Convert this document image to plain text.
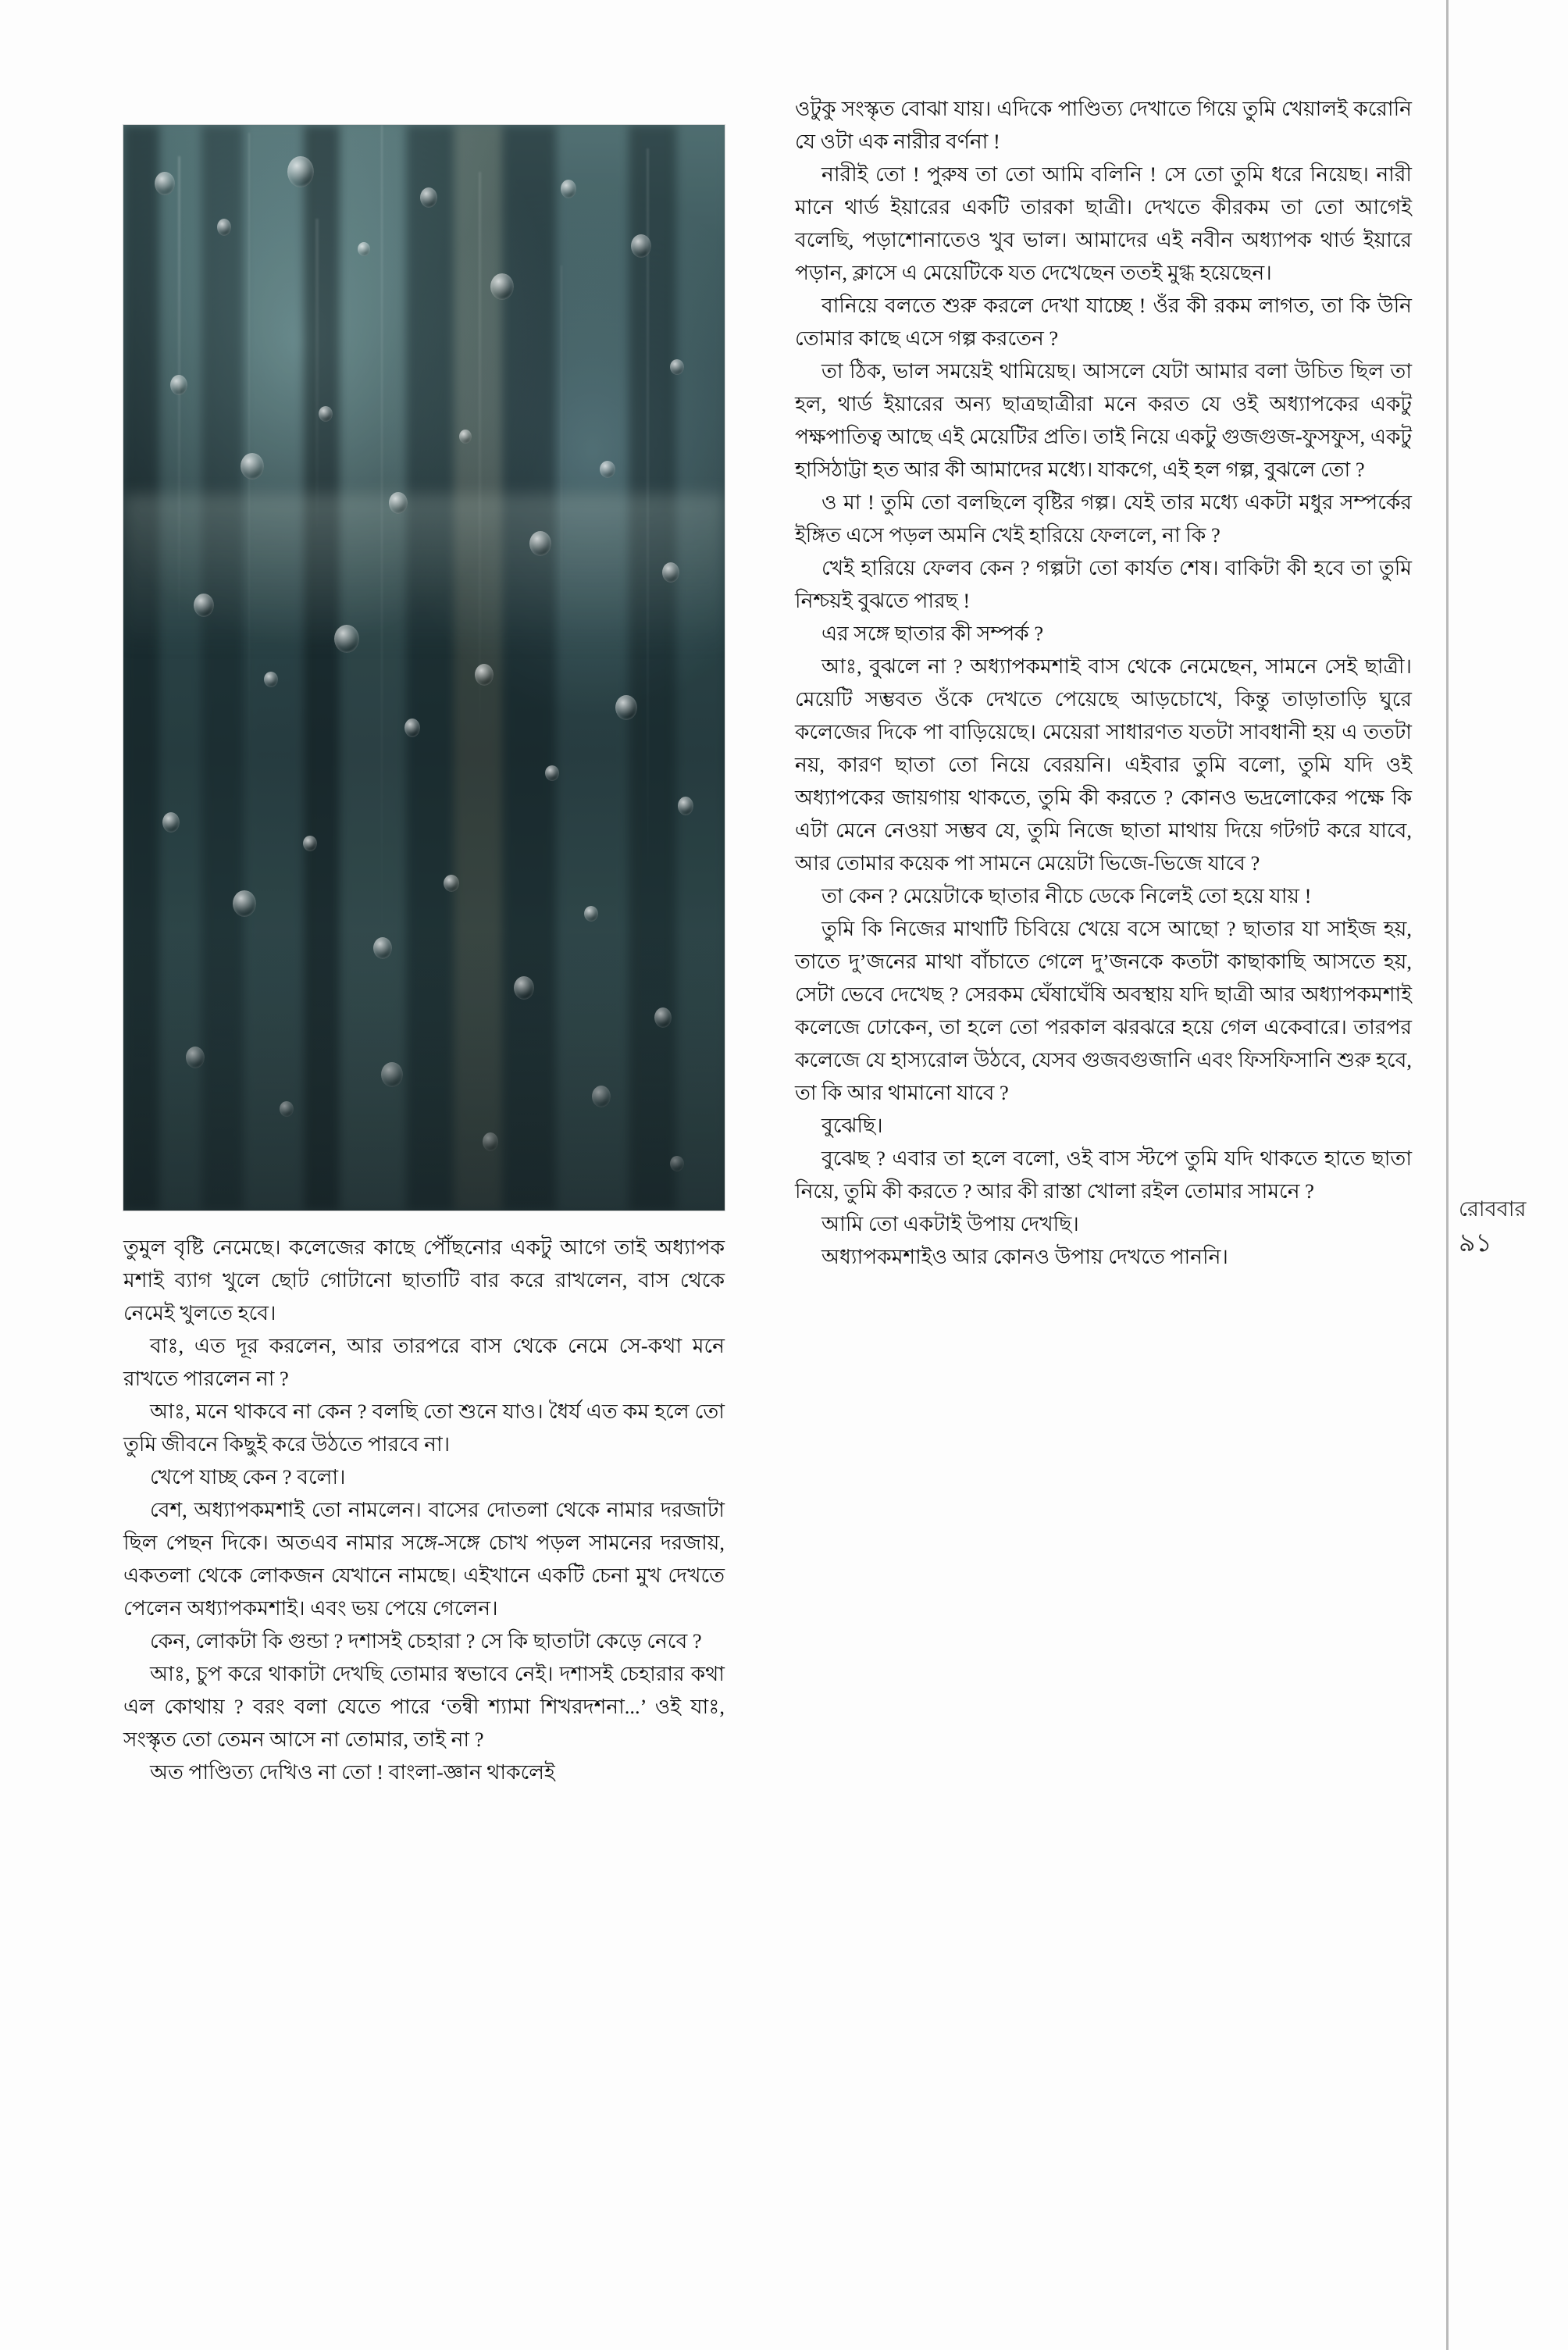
তুমুল বৃষ্টি নেমেছে। কলেজের কাছে পৌঁছনোর একটু আগে তাই অধ্যাপক মশাই ব্যাগ খুলে ছোট গোটানো ছাতাটি বার করে রাখলেন, বাস থেকে নেমেই খুলতে হবে।

বাঃ, এত দূর করলেন, আর তারপরে বাস থেকে নেমে সে-কথা মনে রাখতে পারলেন না ?

আঃ, মনে থাকবে না কেন ? বলছি তো শুনে যাও। ধৈর্য এত কম হলে তো তুমি জীবনে কিছুই করে উঠতে পারবে না।

খেপে যাচ্ছ কেন ? বলো।

বেশ, অধ্যাপকমশাই তো নামলেন। বাসের দোতলা থেকে নামার দরজাটা ছিল পেছন দিকে। অতএব নামার সঙ্গে-সঙ্গে চোখ পড়ল সামনের দরজায়, একতলা থেকে লোকজন যেখানে নামছে। এইখানে একটি চেনা মুখ দেখতে পেলেন অধ্যাপকমশাই। এবং ভয় পেয়ে গেলেন।

কেন, লোকটা কি গুন্ডা ? দশাসই চেহারা ? সে কি ছাতাটা কেড়ে নেবে ?

আঃ, চুপ করে থাকাটা দেখছি তোমার স্বভাবে নেই। দশাসই চেহারার কথা এল কোথায় ? বরং বলা যেতে পারে ‘তন্বী শ্যামা শিখরদশনা...’ ওই যাঃ, সংস্কৃত তো তেমন আসে না তোমার, তাই না ?

অত পাণ্ডিত্য দেখিও না তো ! বাংলা-জ্ঞান থাকলেই

ওটুকু সংস্কৃত বোঝা যায়। এদিকে পাণ্ডিত্য দেখাতে গিয়ে তুমি খেয়ালই করোনি যে ওটা এক নারীর বর্ণনা !

নারীই তো ! পুরুষ তা তো আমি বলিনি ! সে তো তুমি ধরে নিয়েছ। নারী মানে থার্ড ইয়ারের একটি তারকা ছাত্রী। দেখতে কীরকম তা তো আগেই বলেছি, পড়াশোনাতেও খুব ভাল। আমাদের এই নবীন অধ্যাপক থার্ড ইয়ারে পড়ান, ক্লাসে এ মেয়েটিকে যত দেখেছেন ততই মুগ্ধ হয়েছেন।

বানিয়ে বলতে শুরু করলে দেখা যাচ্ছে ! ওঁর কী রকম লাগত, তা কি উনি তোমার কাছে এসে গল্প করতেন ?

তা ঠিক, ভাল সময়েই থামিয়েছ। আসলে যেটা আমার বলা উচিত ছিল তা হল, থার্ড ইয়ারের অন্য ছাত্রছাত্রীরা মনে করত যে ওই অধ্যাপকের একটু পক্ষপাতিত্ব আছে এই মেয়েটির প্রতি। তাই নিয়ে একটু গুজগুজ-ফুসফুস, একটু হাসিঠাট্টা হত আর কী আমাদের মধ্যে। যাকগে, এই হল গল্প, বুঝলে তো ?

ও মা ! তুমি তো বলছিলে বৃষ্টির গল্প। যেই তার মধ্যে একটা মধুর সম্পর্কের ইঙ্গিত এসে পড়ল অমনি খেই হারিয়ে ফেললে, না কি ?

খেই হারিয়ে ফেলব কেন ? গল্পটা তো কার্যত শেষ। বাকিটা কী হবে তা তুমি নিশ্চয়ই বুঝতে পারছ !

এর সঙ্গে ছাতার কী সম্পর্ক ?

আঃ, বুঝলে না ? অধ্যাপকমশাই বাস থেকে নেমেছেন, সামনে সেই ছাত্রী। মেয়েটি সম্ভবত ওঁকে দেখতে পেয়েছে আড়চোখে, কিন্তু তাড়াতাড়ি ঘুরে কলেজের দিকে পা বাড়িয়েছে। মেয়েরা সাধারণত যতটা সাবধানী হয় এ ততটা নয়, কারণ ছাতা তো নিয়ে বেরয়নি। এইবার তুমি বলো, তুমি যদি ওই অধ্যাপকের জায়গায় থাকতে, তুমি কী করতে ? কোনও ভদ্রলোকের পক্ষে কি এটা মেনে নেওয়া সম্ভব যে, তুমি নিজে ছাতা মাথায় দিয়ে গটগট করে যাবে, আর তোমার কয়েক পা সামনে মেয়েটা ভিজে-ভিজে যাবে ?

তা কেন ? মেয়েটাকে ছাতার নীচে ডেকে নিলেই তো হয়ে যায় !

তুমি কি নিজের মাথাটি চিবিয়ে খেয়ে বসে আছো ? ছাতার যা সাইজ হয়, তাতে দু’জনের মাথা বাঁচাতে গেলে দু’জনকে কতটা কাছাকাছি আসতে হয়, সেটা ভেবে দেখেছ ? সেরকম ঘেঁষাঘেঁষি অবস্থায় যদি ছাত্রী আর অধ্যাপকমশাই কলেজে ঢোকেন, তা হলে তো পরকাল ঝরঝরে হয়ে গেল একেবারে। তারপর কলেজে যে হাস্যরোল উঠবে, যেসব গুজবগুজানি এবং ফিসফিসানি শুরু হবে, তা কি আর থামানো যাবে ?

বুঝেছি।

বুঝেছ ? এবার তা হলে বলো, ওই বাস স্টপে তুমি যদি থাকতে হাতে ছাতা নিয়ে, তুমি কী করতে ? আর কী রাস্তা খোলা রইল তোমার সামনে ?

আমি তো একটাই উপায় দেখছি।

অধ্যাপকমশাইও আর কোনও উপায় দেখতে পাননি।

রোববার
৯১
